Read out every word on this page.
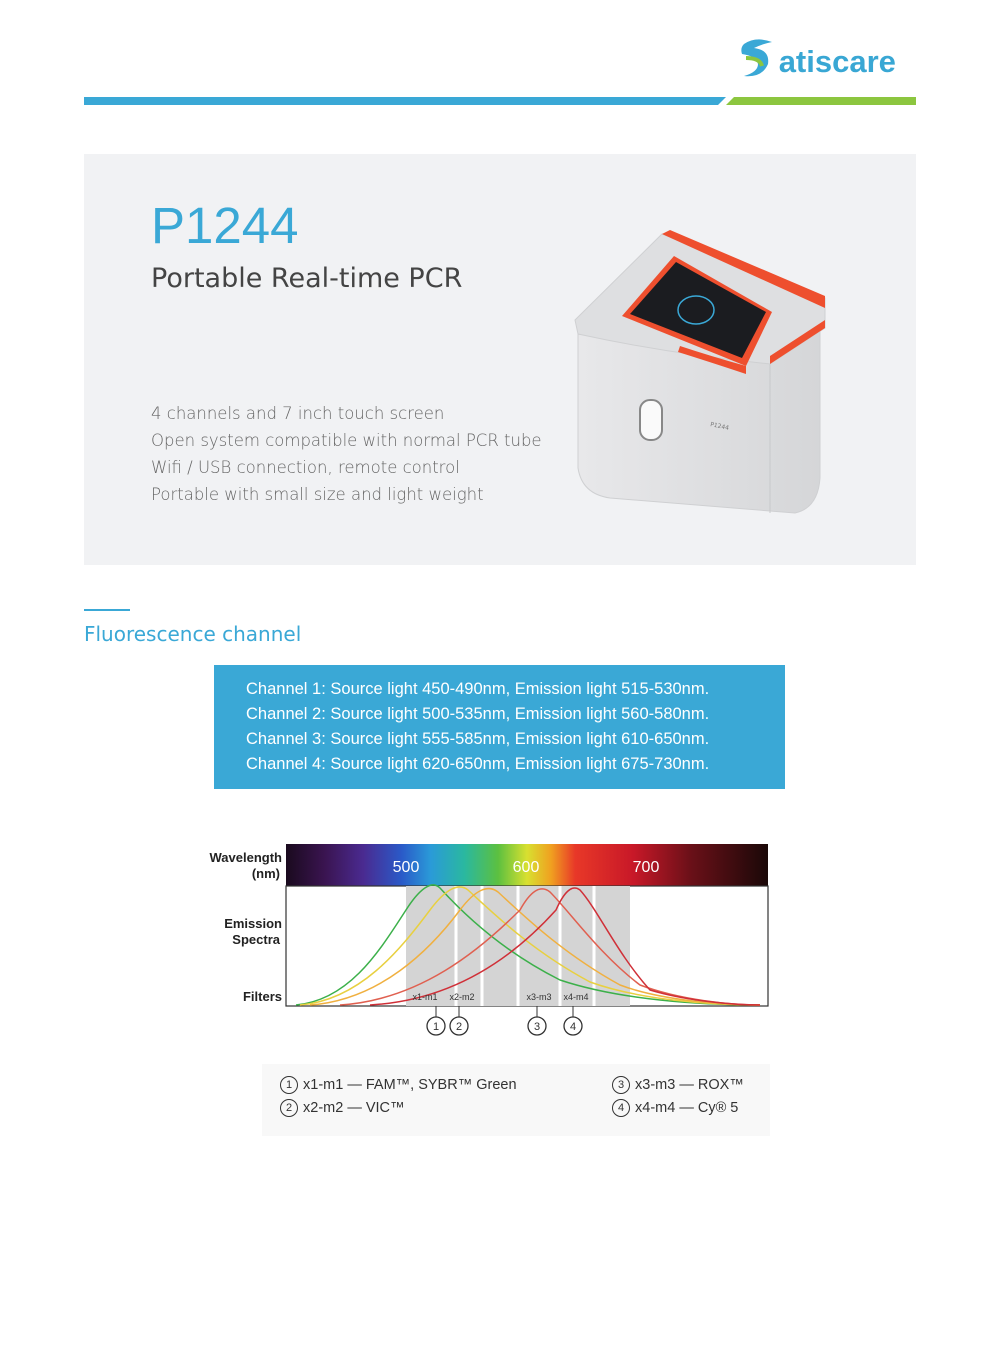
atiscare
P1244
Portable Real-time PCR
4 channels and 7 inch touch screen
Open system compatible with normal PCR tube
Wifi / USB connection, remote control
Portable with small size and light weight
P1244
Fluorescence channel
Channel 1: Source light 450-490nm, Emission light 515-530nm.
Channel 2: Source light 500-535nm, Emission light 560-580nm.
Channel 3: Source light 555-585nm, Emission light 610-650nm.
Channel 4: Source light 620-650nm, Emission light 675-730nm.
Wavelength
(nm)
Emission
Spectra
Filters
500	600	700
x1-m1 x2-m2	x3-m3 x4-m4
1 2	3	4
1 x1-m1 — FAM™, SYBR™ Green
2 x2-m2 — VIC™
3 x3-m3 — ROX™
4 x4-m4 — Cy® 5
